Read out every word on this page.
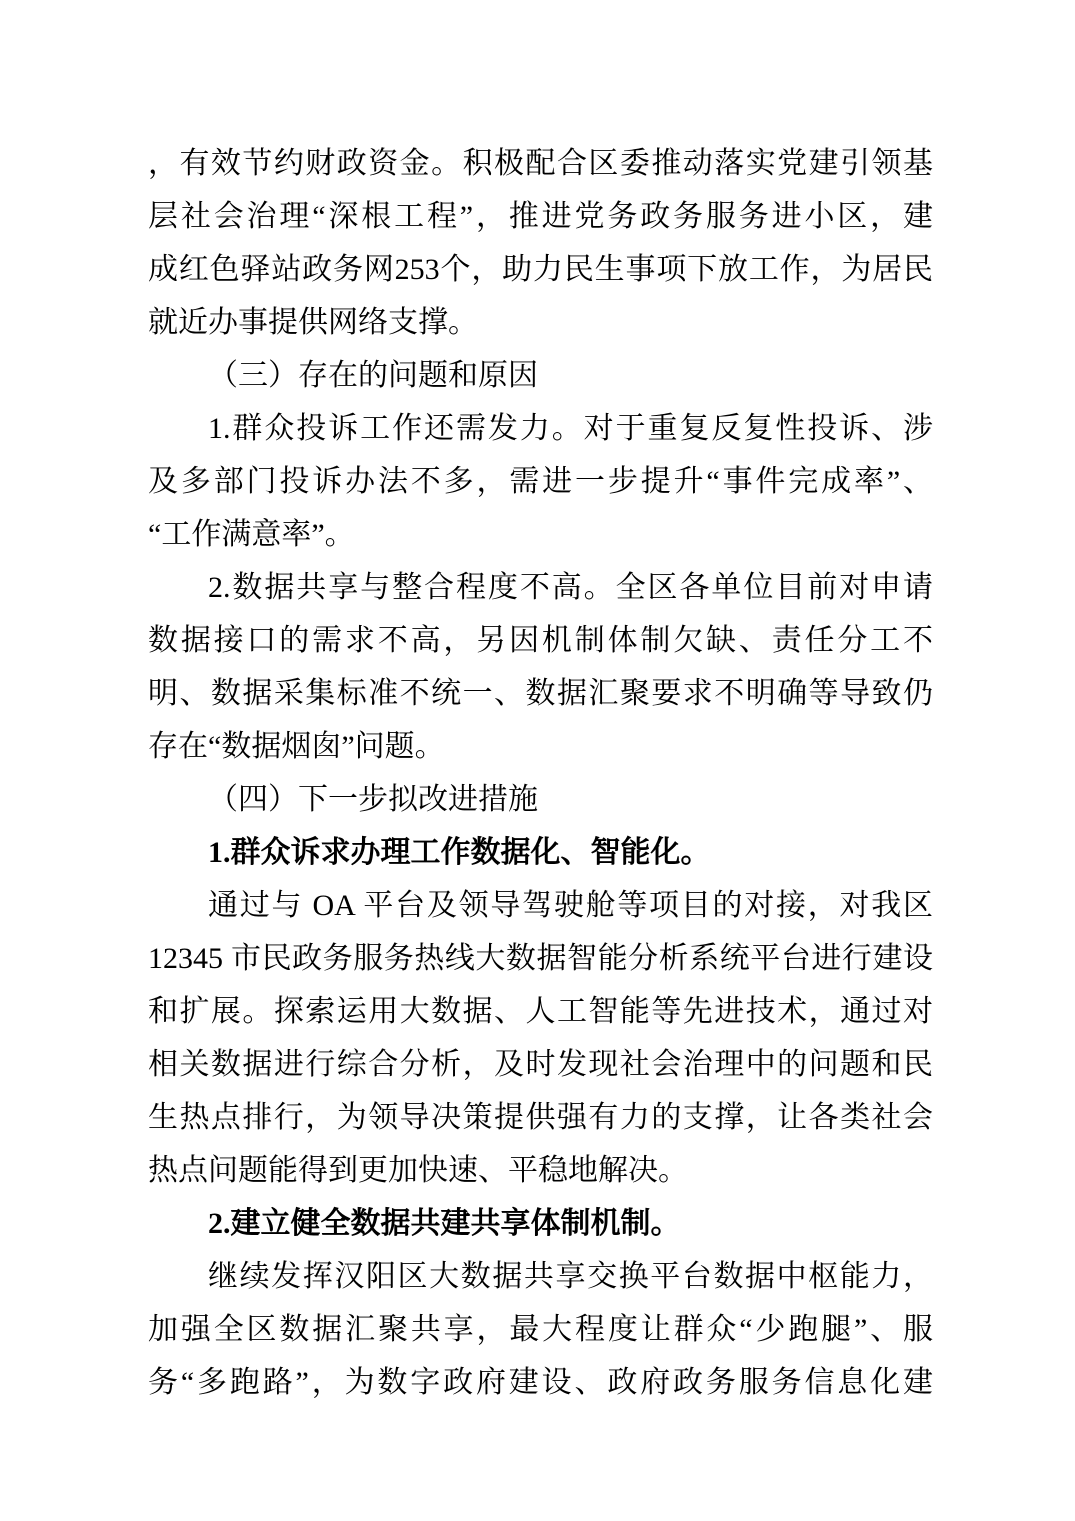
，有效节约财政资金。积极配合区委推动落实党建引领基
层社会治理“深根工程”，推进党务政务服务进小区，建
成红色驿站政务网253个，助力民生事项下放工作，为居民
就近办事提供网络支撑。

（三）存在的问题和原因

1.群众投诉工作还需发力。对于重复反复性投诉、涉
及多部门投诉办法不多，需进一步提升“事件完成率”、
“工作满意率”。

2.数据共享与整合程度不高。全区各单位目前对申请
数据接口的需求不高，另因机制体制欠缺、责任分工不
明、数据采集标准不统一、数据汇聚要求不明确等导致仍
存在“数据烟囱”问题。

（四）下一步拟改进措施

1.群众诉求办理工作数据化、智能化。

通过与 OA 平台及领导驾驶舱等项目的对接，对我区
12345 市民政务服务热线大数据智能分析系统平台进行建设
和扩展。探索运用大数据、人工智能等先进技术，通过对
相关数据进行综合分析，及时发现社会治理中的问题和民
生热点排行，为领导决策提供强有力的支撑，让各类社会
热点问题能得到更加快速、平稳地解决。

2.建立健全数据共建共享体制机制。

继续发挥汉阳区大数据共享交换平台数据中枢能力，
加强全区数据汇聚共享，最大程度让群众“少跑腿”、服
务“多跑路”，为数字政府建设、政府政务服务信息化建
